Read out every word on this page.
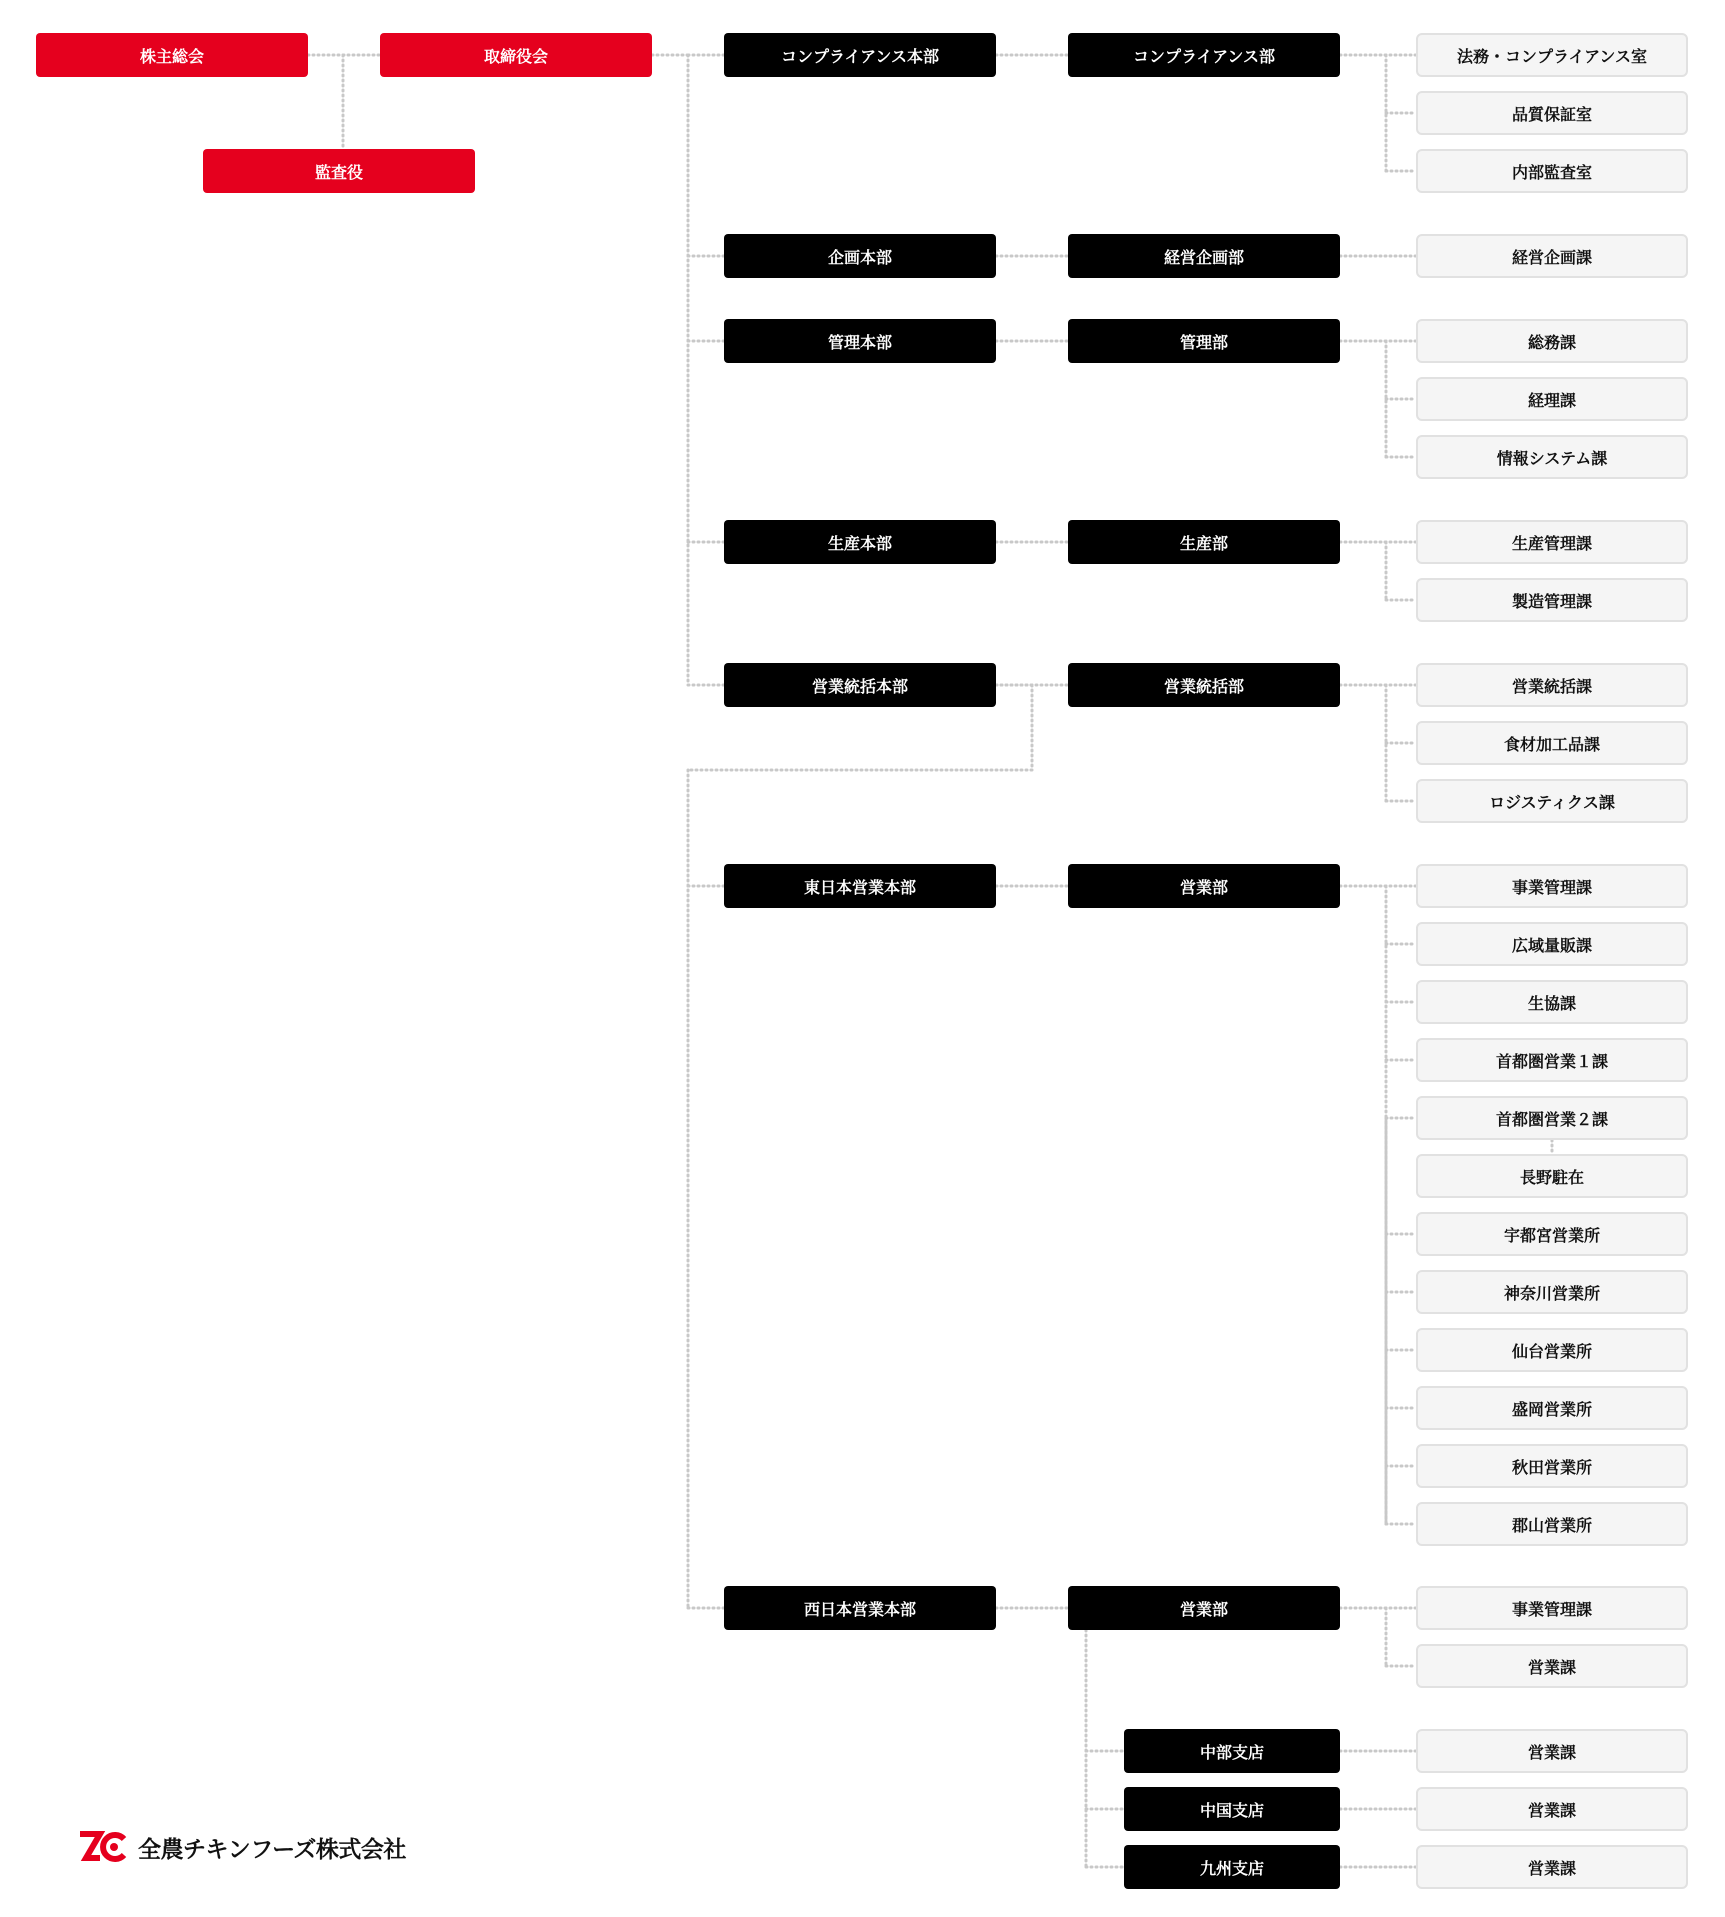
株主総会	取締役会
監査役
コンプライアンス本部	コンプライアンス部	法務・コンプライアンス室
品質保証室
内部監査室
企画本部	経営企画部	経営企画課
管理本部	管理部	総務課
経理課
情報システム課
生産本部	生産部	生産管理課
製造管理課
営業統括本部	営業統括部	営業統括課
食材加工品課
ロジスティクス課
東日本営業本部	営業部	事業管理課
広域量販課
生協課
首都圏営業１課
首都圏営業２課
長野駐在
宇都宮営業所
神奈川営業所
仙台営業所
盛岡営業所
秋田営業所
郡山営業所
西日本営業本部	営業部	事業管理課
営業課
中部支店	営業課
中国支店	営業課
九州支店	営業課
全農チキンフーズ株式会社
